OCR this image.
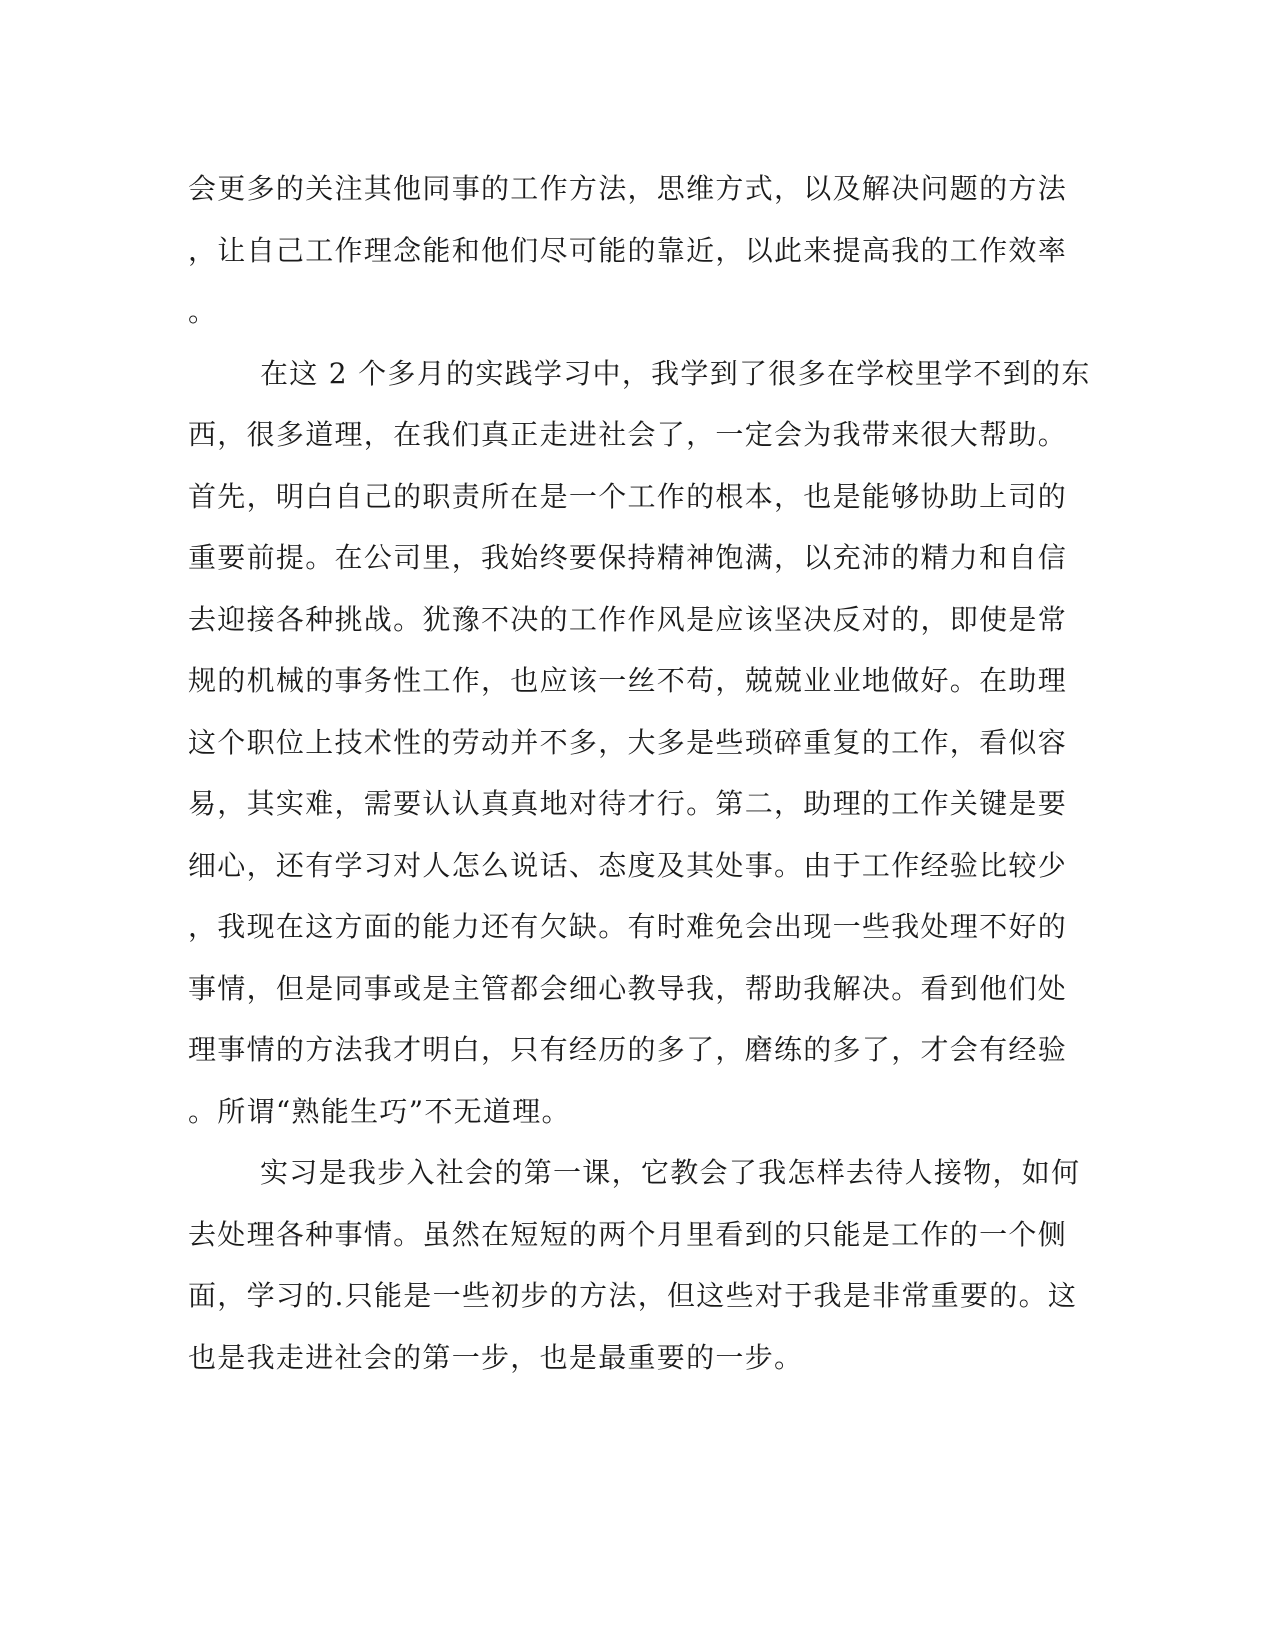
会更多的关注其他同事的工作方法，思维方式，以及解决问题的方法
，让自己工作理念能和他们尽可能的靠近，以此来提高我的工作效率
。
在这 2 个多月的实践学习中，我学到了很多在学校里学不到的东
西，很多道理，在我们真正走进社会了，一定会为我带来很大帮助。
首先，明白自己的职责所在是一个工作的根本，也是能够协助上司的
重要前提。在公司里，我始终要保持精神饱满，以充沛的精力和自信
去迎接各种挑战。犹豫不决的工作作风是应该坚决反对的，即使是常
规的机械的事务性工作，也应该一丝不苟，兢兢业业地做好。在助理
这个职位上技术性的劳动并不多，大多是些琐碎重复的工作，看似容
易，其实难，需要认认真真地对待才行。第二，助理的工作关键是要
细心，还有学习对人怎么说话、态度及其处事。由于工作经验比较少
，我现在这方面的能力还有欠缺。有时难免会出现一些我处理不好的
事情，但是同事或是主管都会细心教导我，帮助我解决。看到他们处
理事情的方法我才明白，只有经历的多了，磨练的多了，才会有经验
。所谓“熟能生巧”不无道理。
实习是我步入社会的第一课，它教会了我怎样去待人接物，如何
去处理各种事情。虽然在短短的两个月里看到的只能是工作的一个侧
面，学习的.只能是一些初步的方法，但这些对于我是非常重要的。这
也是我走进社会的第一步，也是最重要的一步。
